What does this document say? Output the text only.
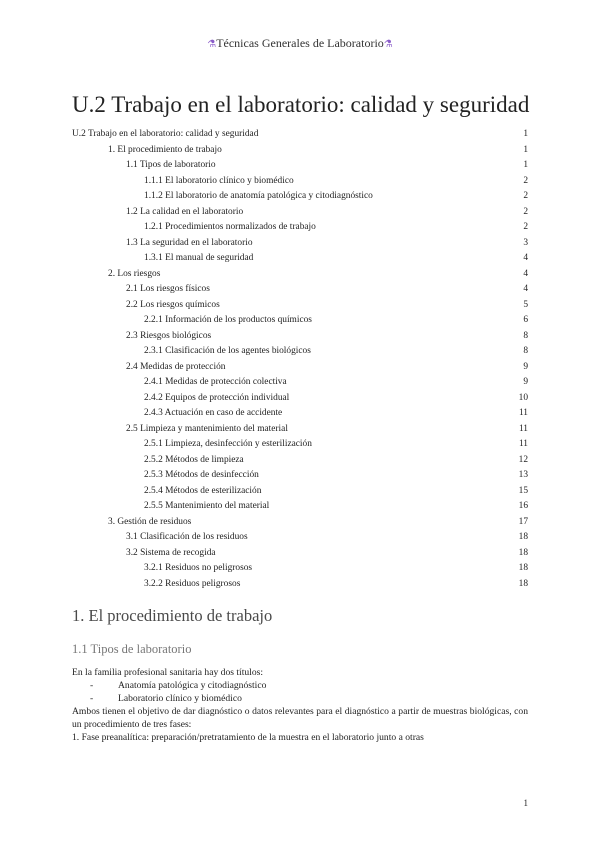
⚗Técnicas Generales de Laboratorio⚗
U.2 Trabajo en el laboratorio: calidad y seguridad
U.2 Trabajo en el laboratorio: calidad y seguridad	1
1. El procedimiento de trabajo	1
1.1 Tipos de laboratorio	1
1.1.1 El laboratorio clínico y biomédico	2
1.1.2 El laboratorio de anatomía patológica y citodiagnóstico	2
1.2 La calidad en el laboratorio	2
1.2.1 Procedimientos normalizados de trabajo	2
1.3 La seguridad en el laboratorio	3
1.3.1 El manual de seguridad	4
2. Los riesgos	4
2.1 Los riesgos físicos	4
2.2 Los riesgos químicos	5
2.2.1 Información de los productos químicos	6
2.3 Riesgos biológicos	8
2.3.1 Clasificación de los agentes biológicos	8
2.4 Medidas de protección	9
2.4.1 Medidas de protección colectiva	9
2.4.2 Equipos de protección individual	10
2.4.3 Actuación en caso de accidente	11
2.5 Limpieza y mantenimiento del material	11
2.5.1 Limpieza, desinfección y esterilización	11
2.5.2 Métodos de limpieza	12
2.5.3 Métodos de desinfección	13
2.5.4 Métodos de esterilización	15
2.5.5 Mantenimiento del material	16
3. Gestión de residuos	17
3.1 Clasificación de los residuos	18
3.2 Sistema de recogida	18
3.2.1 Residuos no peligrosos	18
3.2.2 Residuos peligrosos	18
1. El procedimiento de trabajo
1.1 Tipos de laboratorio

En la familia profesional sanitaria hay dos títulos:

-	Anatomía patológica y citodiagnóstico

-	Laboratorio clínico y biomédico

Ambos tienen el objetivo de dar diagnóstico o datos relevantes para el diagnóstico a partir de muestras biológicas, con un procedimiento de tres fases:

1. Fase preanalítica: preparación/pretratamiento de la muestra en el laboratorio junto a otras

1
